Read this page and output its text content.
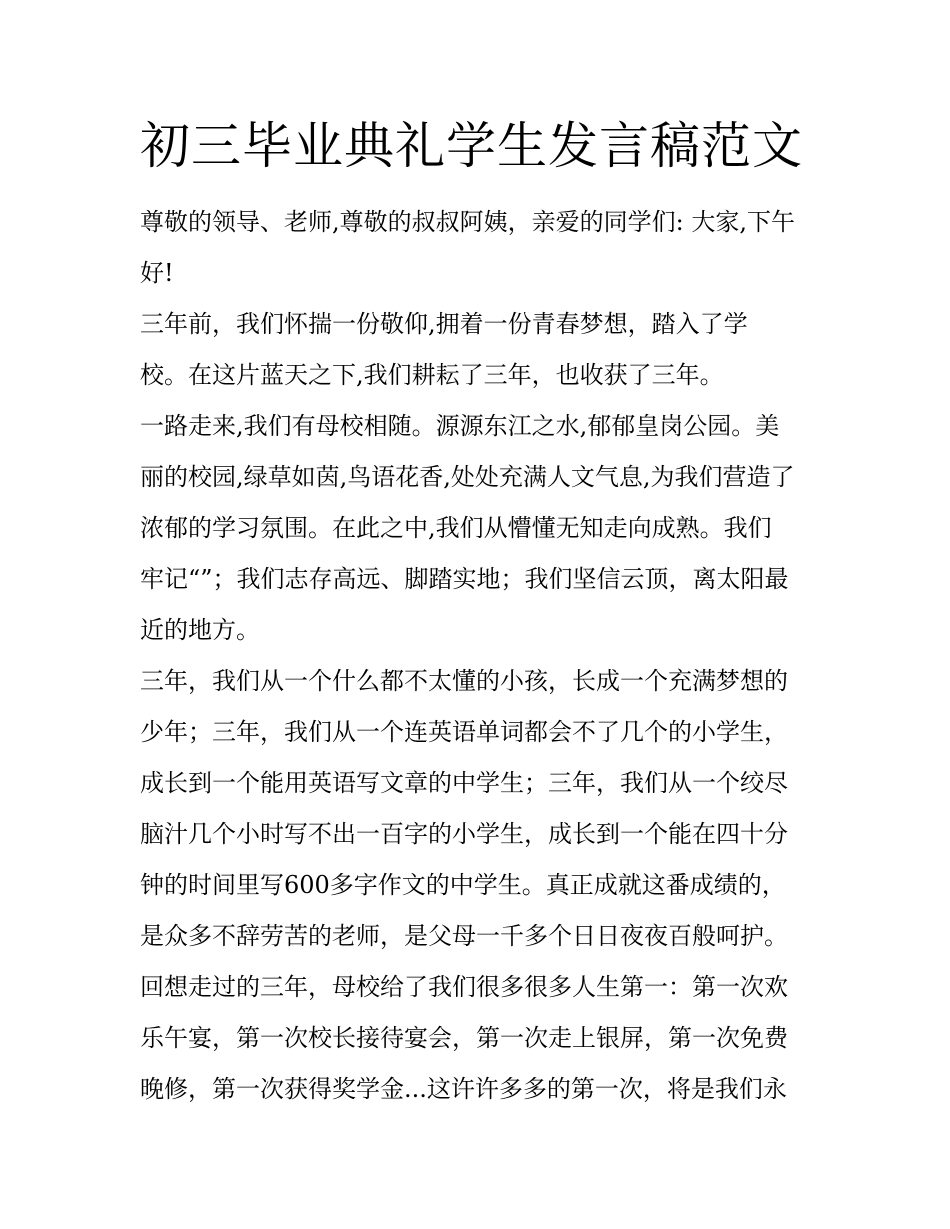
初三毕业典礼学生发言稿范文

尊敬的领导、老师,尊敬的叔叔阿姨，亲爱的同学们: 大家,下午

好!

三年前，我们怀揣一份敬仰,拥着一份青春梦想，踏入了学

校。在这片蓝天之下,我们耕耘了三年，也收获了三年。

一路走来,我们有母校相随。源源东江之水,郁郁皇岗公园。美

丽的校园,绿草如茵,鸟语花香,处处充满人文气息,为我们营造了

浓郁的学习氛围。在此之中,我们从懵懂无知走向成熟。我们

牢记“”；我们志存高远、脚踏实地；我们坚信云顶，离太阳最

近的地方。

三年，我们从一个什么都不太懂的小孩，长成一个充满梦想的

少年；三年，我们从一个连英语单词都会不了几个的小学生，

成长到一个能用英语写文章的中学生；三年，我们从一个绞尽

脑汁几个小时写不出一百字的小学生，成长到一个能在四十分

钟的时间里写600多字作文的中学生。真正成就这番成绩的，

是众多不辞劳苦的老师，是父母一千多个日日夜夜百般呵护。

回想走过的三年，母校给了我们很多很多人生第一：第一次欢

乐午宴，第一次校长接待宴会，第一次走上银屏，第一次免费

晚修，第一次获得奖学金...这许许多多的第一次，将是我们永
